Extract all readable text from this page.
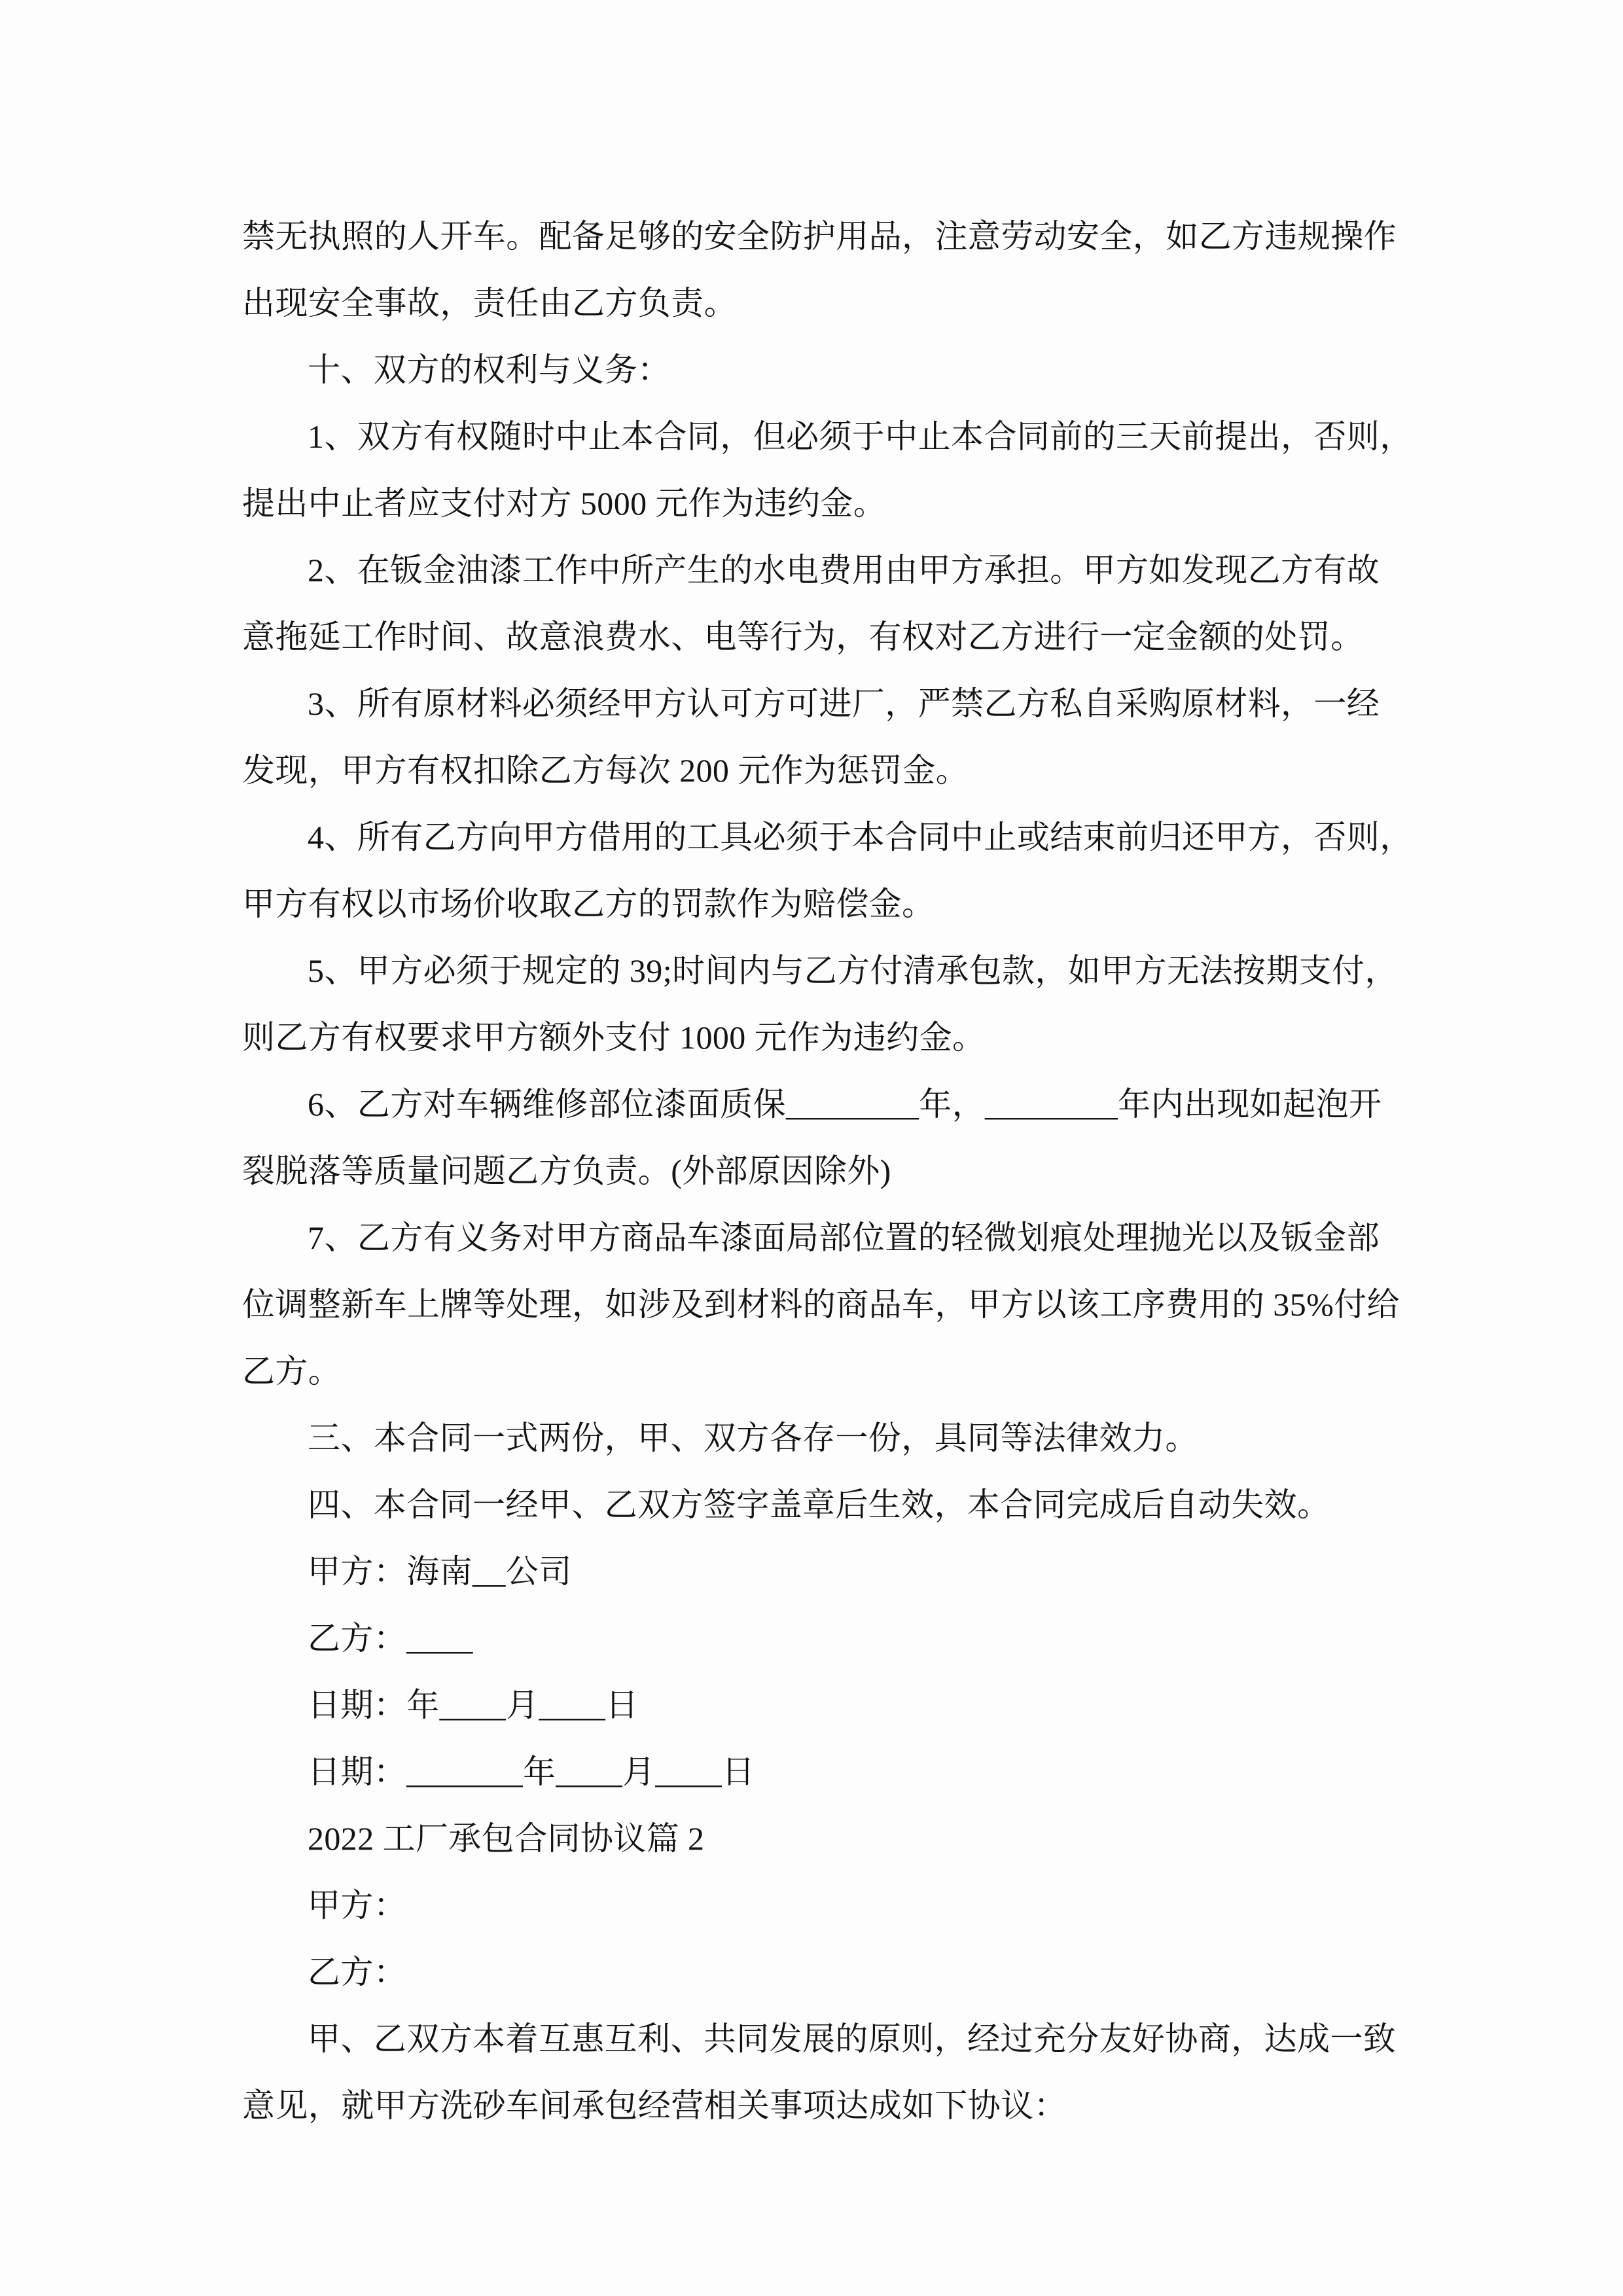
禁无执照的人开车。配备足够的安全防护用品，注意劳动安全，如乙方违规操作
出现安全事故，责任由乙方负责。
十、双方的权利与义务：
1、双方有权随时中止本合同，但必须于中止本合同前的三天前提出，否则，
提出中止者应支付对方 5000 元作为违约金。
2、在钣金油漆工作中所产生的水电费用由甲方承担。甲方如发现乙方有故
意拖延工作时间、故意浪费水、电等行为，有权对乙方进行一定金额的处罚。
3、所有原材料必须经甲方认可方可进厂，严禁乙方私自采购原材料，一经
发现，甲方有权扣除乙方每次 200 元作为惩罚金。
4、所有乙方向甲方借用的工具必须于本合同中止或结束前归还甲方，否则，
甲方有权以市场价收取乙方的罚款作为赔偿金。
5、甲方必须于规定的 39;时间内与乙方付清承包款，如甲方无法按期支付，
则乙方有权要求甲方额外支付 1000 元作为违约金。
6、乙方对车辆维修部位漆面质保________年，________年内出现如起泡开
裂脱落等质量问题乙方负责。(外部原因除外)
7、乙方有义务对甲方商品车漆面局部位置的轻微划痕处理抛光以及钣金部
位调整新车上牌等处理，如涉及到材料的商品车，甲方以该工序费用的 35%付给
乙方。
三、本合同一式两份，甲、双方各存一份，具同等法律效力。
四、本合同一经甲、乙双方签字盖章后生效，本合同完成后自动失效。
甲方：海南__公司
乙方：____
日期：年____月____日
日期：_______年____月____日
2022 工厂承包合同协议篇 2
甲方：
乙方：
甲、乙双方本着互惠互利、共同发展的原则，经过充分友好协商，达成一致
意见，就甲方洗砂车间承包经营相关事项达成如下协议：
